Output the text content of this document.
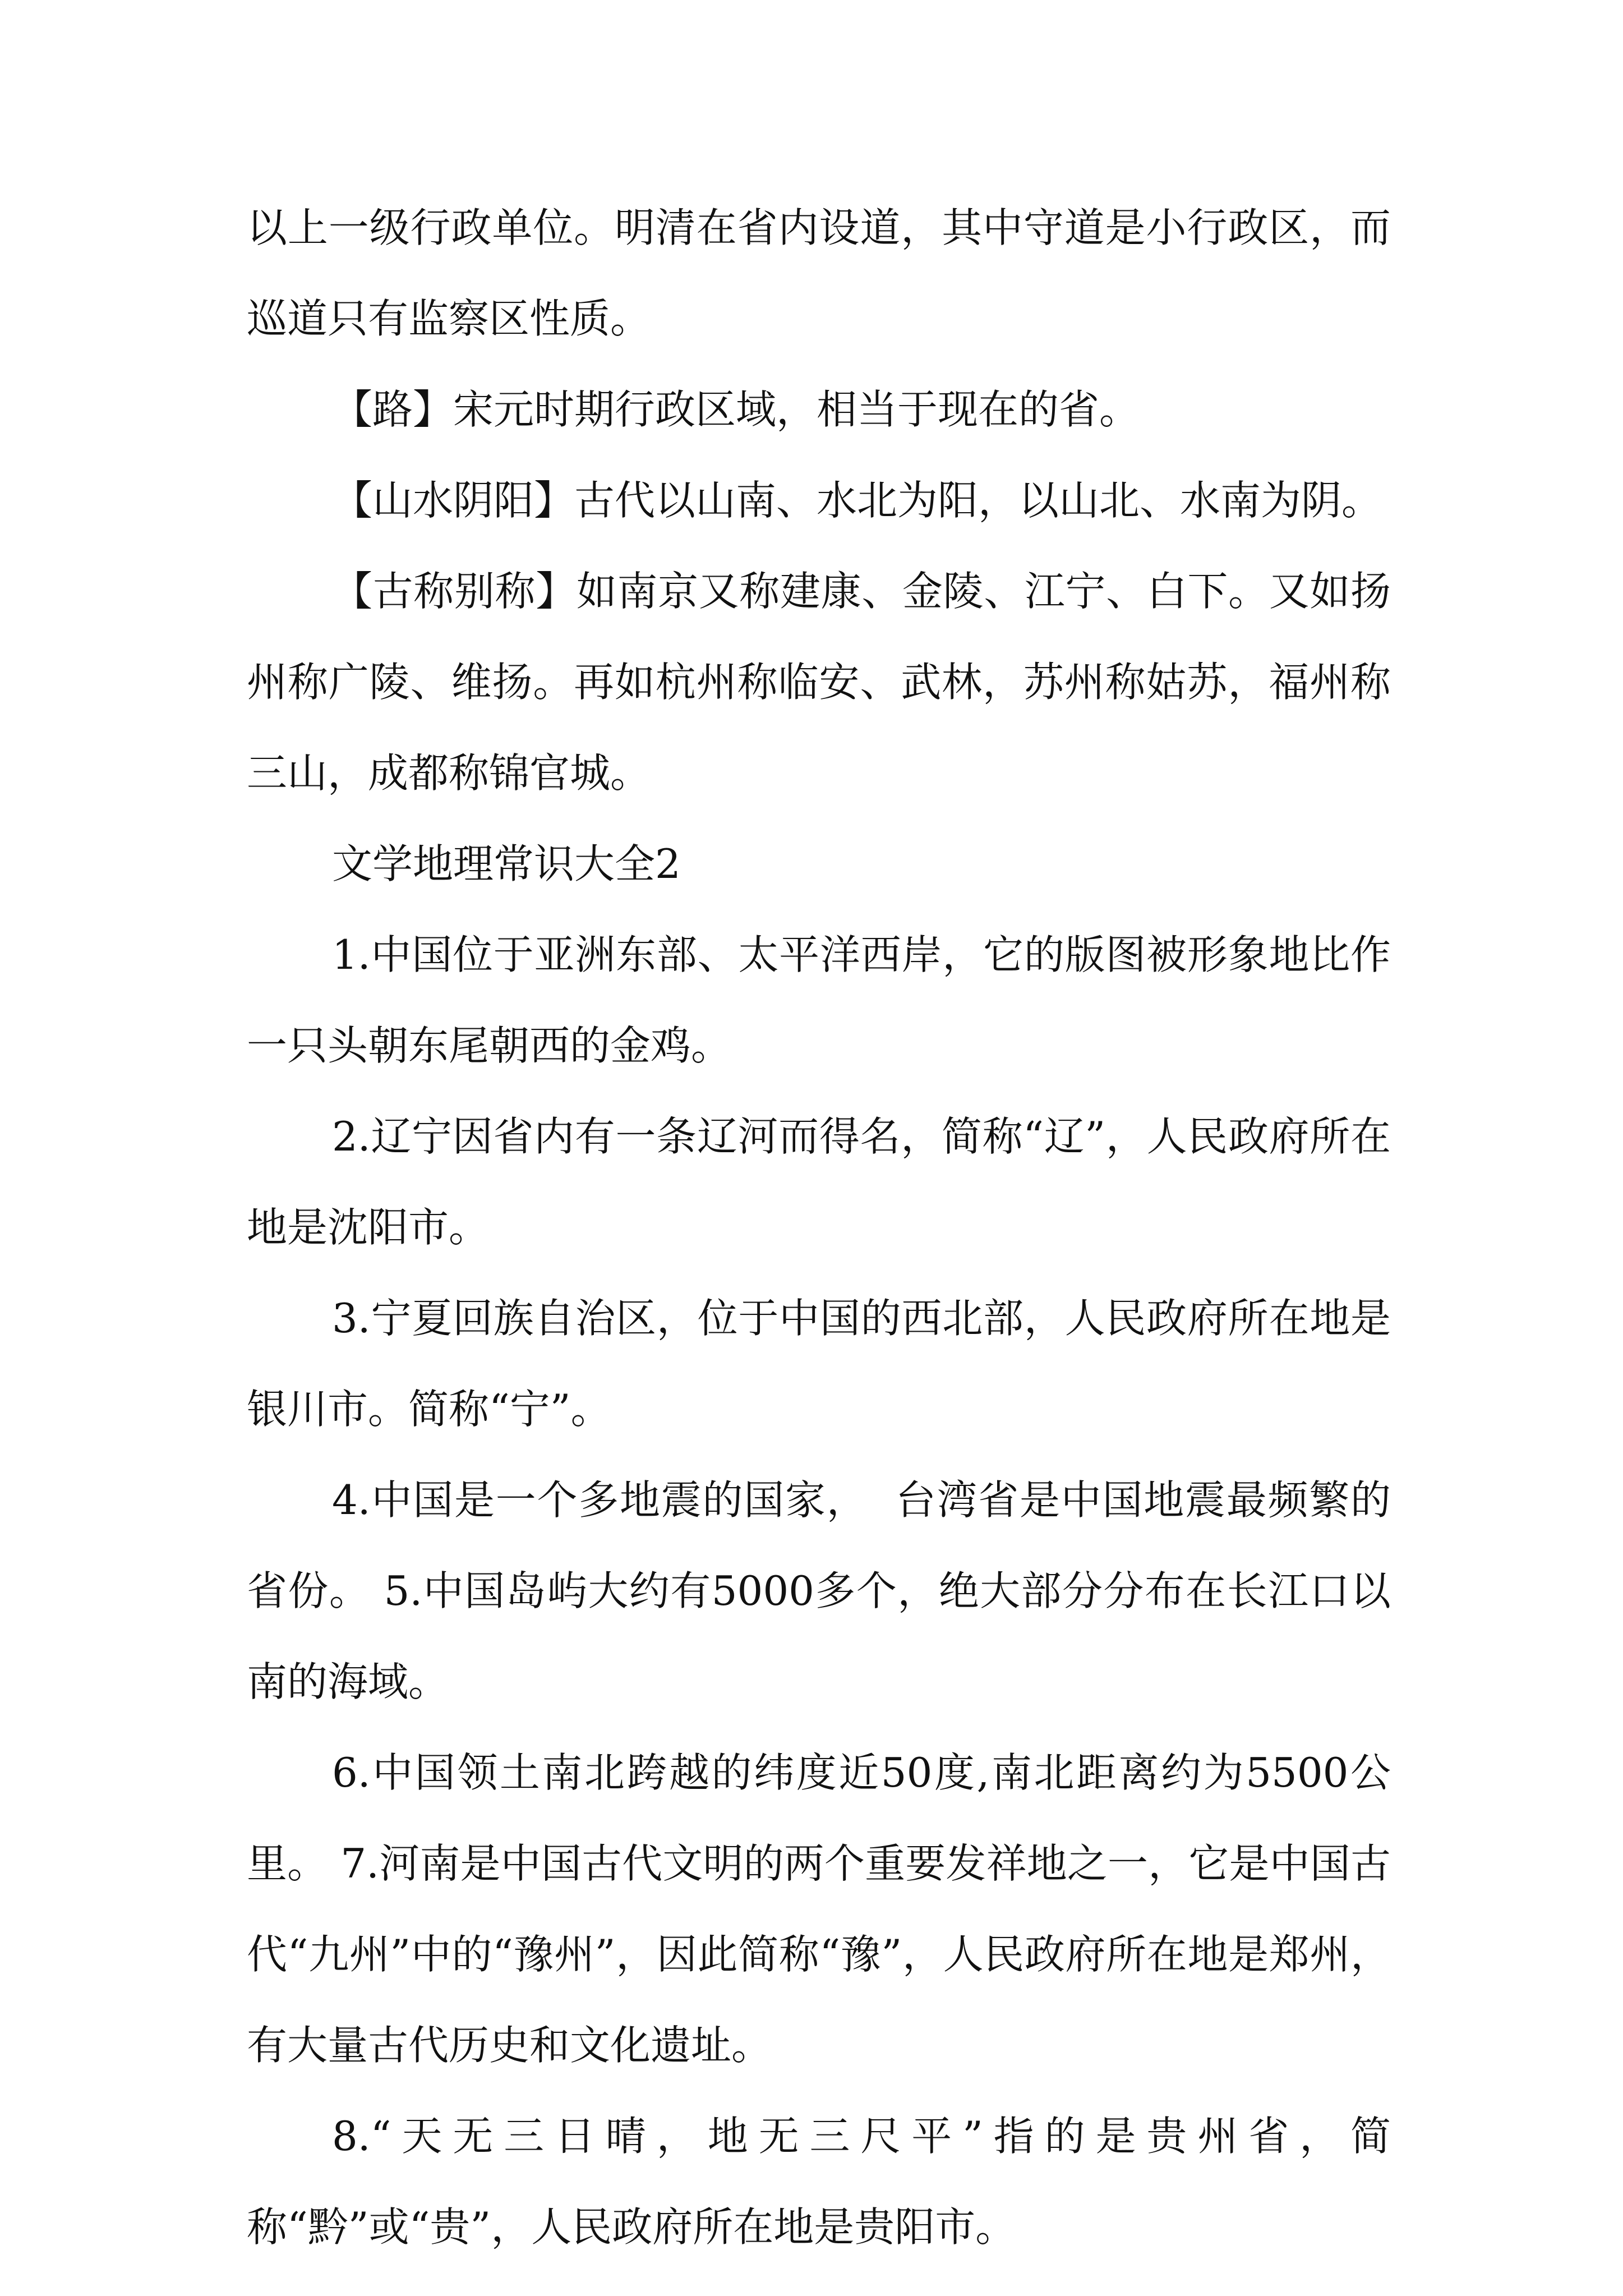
以上一级行政单位。明清在省内设道，其中守道是小行政区，而巡道只有监察区性质。

【路】宋元时期行政区域，相当于现在的省。

【山水阴阳】古代以山南、水北为阳，以山北、水南为阴。

【古称别称】如南京又称建康、金陵、江宁、白下。又如扬州称广陵、维扬。再如杭州称临安、武林，苏州称姑苏，福州称三山，成都称锦官城。

文学地理常识大全2

1.中国位于亚洲东部、太平洋西岸，它的版图被形象地比作一只头朝东尾朝西的金鸡。

2.辽宁因省内有一条辽河而得名，简称“辽”，人民政府所在地是沈阳市。

3.宁夏回族自治区，位于中国的西北部，人民政府所在地是银川市。简称“宁”。

4.中国是一个多地震的国家，  台湾省是中国地震最频繁的省份。 5.中国岛屿大约有5000多个，绝大部分分布在长江口以南的海域。

6.中国领土南北跨越的纬度近50度,南北距离约为5500公里。 7.河南是中国古代文明的两个重要发祥地之一，它是中国古代“九州”中的“豫州”，因此简称“豫”，人民政府所在地是郑州，有大量古代历史和文化遗址。

8.“天无三日晴，地无三尺平”指的是贵州省，简称“黔”或“贵”，人民政府所在地是贵阳市。
